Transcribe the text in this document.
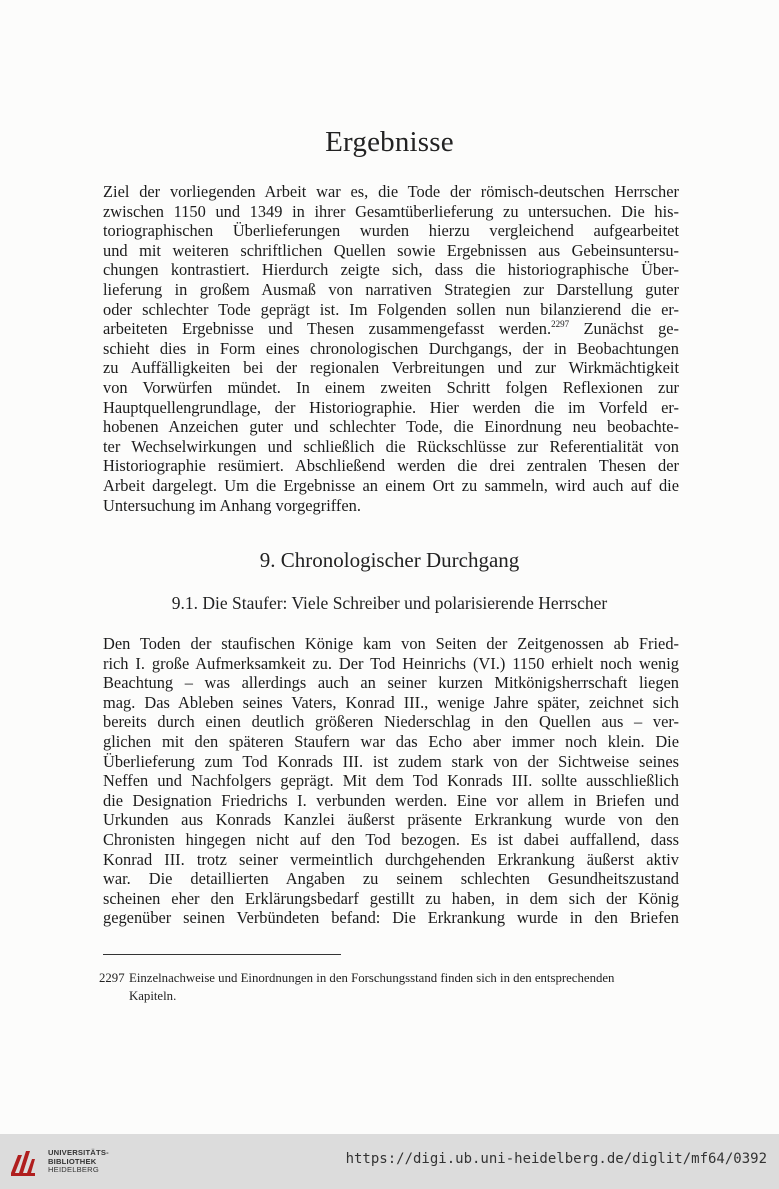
Ergebnisse
Ziel der vorliegenden Arbeit war es, die Tode der römisch-deutschen Herrscher
zwischen 1150 und 1349 in ihrer Gesamtüberlieferung zu untersuchen. Die his-
toriographischen Überlieferungen wurden hierzu vergleichend aufgearbeitet
und mit weiteren schriftlichen Quellen sowie Ergebnissen aus Gebeinsuntersu-
chungen kontrastiert. Hierdurch zeigte sich, dass die historiographische Über-
lieferung in großem Ausmaß von narrativen Strategien zur Darstellung guter
oder schlechter Tode geprägt ist. Im Folgenden sollen nun bilanzierend die er-
arbeiteten Ergebnisse und Thesen zusammengefasst werden.$^{2297}$ Zunächst ge-
schieht dies in Form eines chronologischen Durchgangs, der in Beobachtungen
zu Auffälligkeiten bei der regionalen Verbreitungen und zur Wirkmächtigkeit
von Vorwürfen mündet. In einem zweiten Schritt folgen Reflexionen zur
Hauptquellengrundlage, der Historiographie. Hier werden die im Vorfeld er-
hobenen Anzeichen guter und schlechter Tode, die Einordnung neu beobachte-
ter Wechselwirkungen und schließlich die Rückschlüsse zur Referentialität von
Historiographie resümiert. Abschließend werden die drei zentralen Thesen der
Arbeit dargelegt. Um die Ergebnisse an einem Ort zu sammeln, wird auch auf die
Untersuchung im Anhang vorgegriffen.
9. Chronologischer Durchgang
9.1. Die Staufer: Viele Schreiber und polarisierende Herrscher
Den Toden der staufischen Könige kam von Seiten der Zeitgenossen ab Fried-
rich I. große Aufmerksamkeit zu. Der Tod Heinrichs (VI.) 1150 erhielt noch wenig
Beachtung – was allerdings auch an seiner kurzen Mitkönigsherrschaft liegen
mag. Das Ableben seines Vaters, Konrad III., wenige Jahre später, zeichnet sich
bereits durch einen deutlich größeren Niederschlag in den Quellen aus – ver-
glichen mit den späteren Staufern war das Echo aber immer noch klein. Die
Überlieferung zum Tod Konrads III. ist zudem stark von der Sichtweise seines
Neffen und Nachfolgers geprägt. Mit dem Tod Konrads III. sollte ausschließlich
die Designation Friedrichs I. verbunden werden. Eine vor allem in Briefen und
Urkunden aus Konrads Kanzlei äußerst präsente Erkrankung wurde von den
Chronisten hingegen nicht auf den Tod bezogen. Es ist dabei auffallend, dass
Konrad III. trotz seiner vermeintlich durchgehenden Erkrankung äußerst aktiv
war. Die detaillierten Angaben zu seinem schlechten Gesundheitszustand
scheinen eher den Erklärungsbedarf gestillt zu haben, in dem sich der König
gegenüber seinen Verbündeten befand: Die Erkrankung wurde in den Briefen
2297 Einzelnachweise und Einordnungen in den Forschungsstand finden sich in den entsprechenden
Kapiteln.
UNIVERSITÄTS-
BIBLIOTHEK
HEIDELBERG
https://digi.ub.uni-heidelberg.de/diglit/mf64/0392
